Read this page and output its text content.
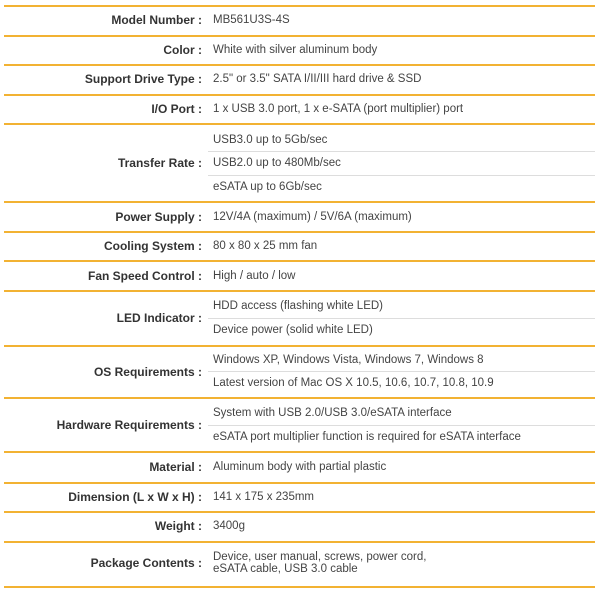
Model Number : MB561U3S-4S
Color : White with silver aluminum body
Support Drive Type : 2.5" or 3.5" SATA I/II/III hard drive & SSD
I/O Port : 1 x USB 3.0 port, 1 x e-SATA (port multiplier) port
Transfer Rate :
USB3.0 up to 5Gb/sec
USB2.0 up to 480Mb/sec
eSATA up to 6Gb/sec
Power Supply : 12V/4A (maximum) / 5V/6A (maximum)
Cooling System : 80 x 80 x 25 mm fan
Fan Speed Control : High / auto / low
LED Indicator :
HDD access (flashing white LED)
Device power (solid white LED)
OS Requirements :
Windows XP, Windows Vista, Windows 7, Windows 8
Latest version of Mac OS X 10.5, 10.6, 10.7, 10.8, 10.9
Hardware Requirements :
System with USB 2.0/USB 3.0/eSATA interface
eSATA port multiplier function is required for eSATA interface
Material : Aluminum body with partial plastic
Dimension (L x W x H) : 141 x 175 x 235mm
Weight : 3400g
Package Contents : Device, user manual, screws, power cord,
eSATA cable, USB 3.0 cable
